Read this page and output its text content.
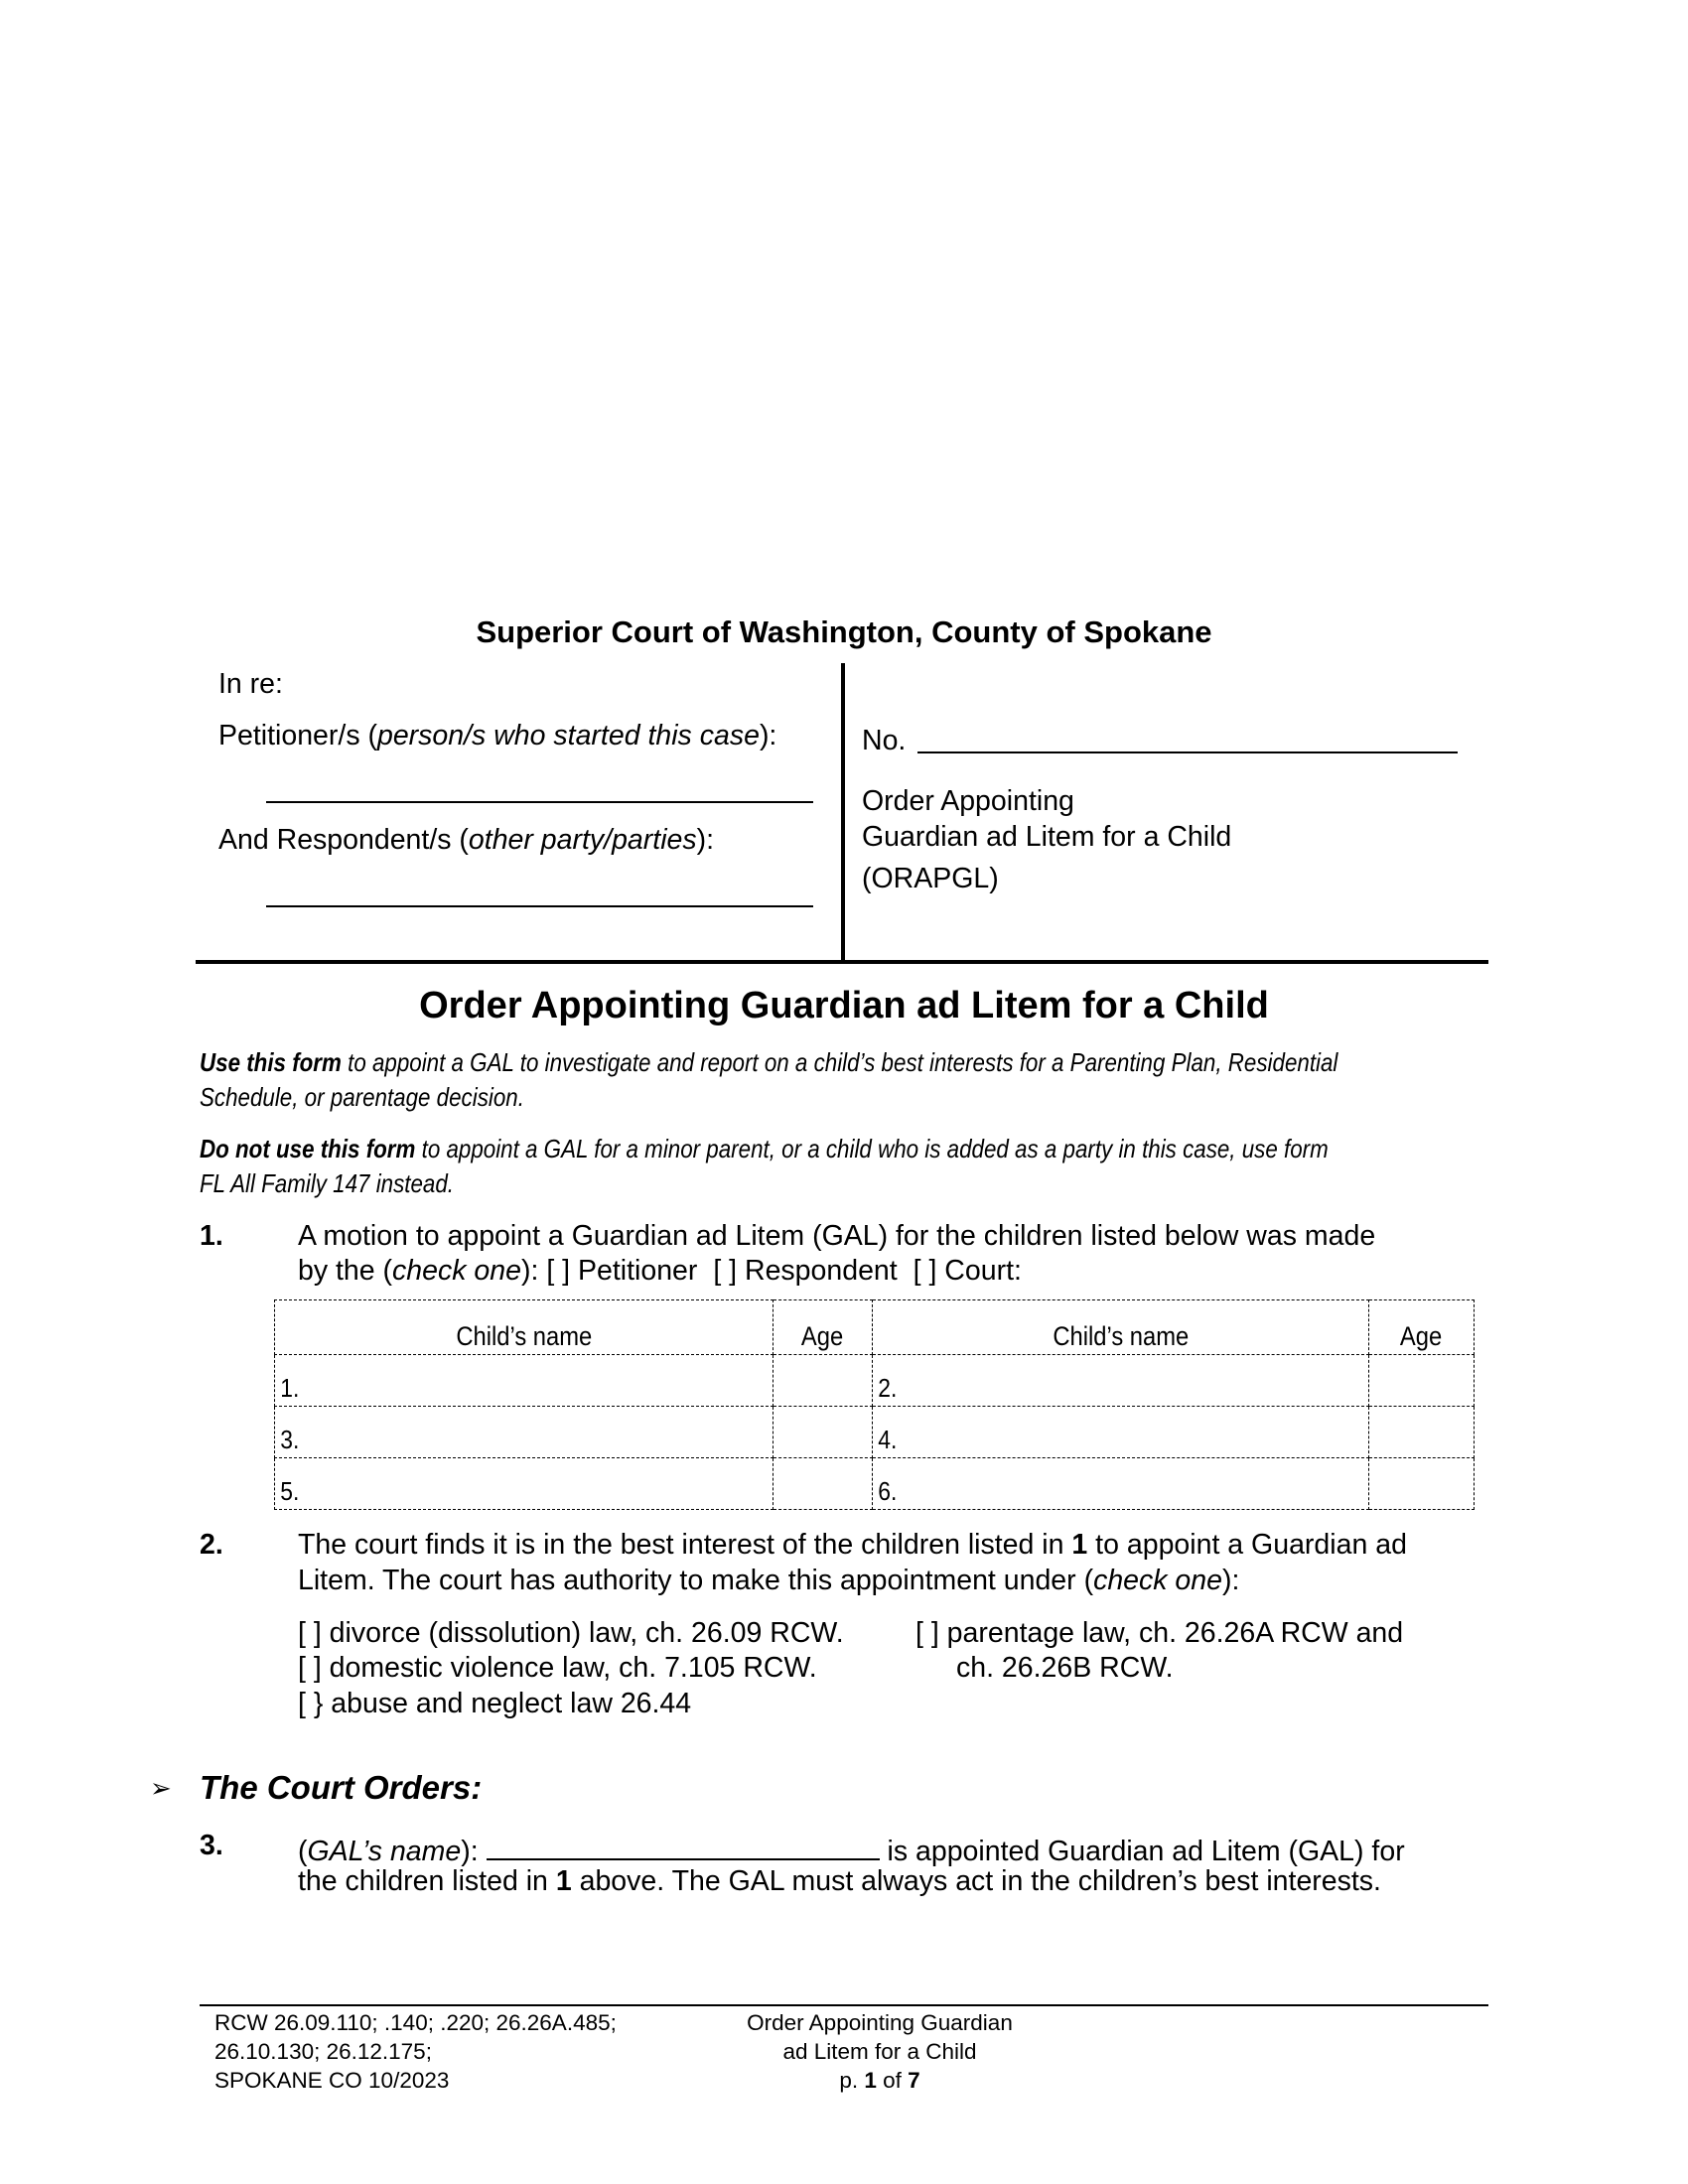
Superior Court of Washington, County of Spokane
In re:
Petitioner/s (person/s who started this case):
And Respondent/s (other party/parties):
No.
Order Appointing
Guardian ad Litem for a Child
(ORAPGL)
Order Appointing Guardian ad Litem for a Child
Use this form to appoint a GAL to investigate and report on a child’s best interests for a Parenting Plan, Residential
Schedule, or parentage decision.
Do not use this form to appoint a GAL for a minor parent, or a child who is added as a party in this case, use form
FL All Family 147 instead.
1.	A motion to appoint a Guardian ad Litem (GAL) for the children listed below was made
by the (check one): [ ] Petitioner [ ] Respondent [ ] Court:
Child’s name	Age	Child’s name	Age
1.		2.	
3.		4.	
5.		6.	
2.	The court finds it is in the best interest of the children listed in 1 to appoint a Guardian ad
Litem. The court has authority to make this appointment under (check one):
[ ] divorce (dissolution) law, ch. 26.09 RCW.
[ ] domestic violence law, ch. 7.105 RCW.
[ } abuse and neglect law 26.44
[ ] parentage law, ch. 26.26A RCW and
ch. 26.26B RCW.
➢ The Court Orders:
3.	(GAL’s name):	is appointed Guardian ad Litem (GAL) for
the children listed in 1 above. The GAL must always act in the children’s best interests.
RCW 26.09.110; .140; .220; 26.26A.485;
26.10.130; 26.12.175;
SPOKANE CO 10/2023
Order Appointing Guardian
ad Litem for a Child
p. 1 of 7
